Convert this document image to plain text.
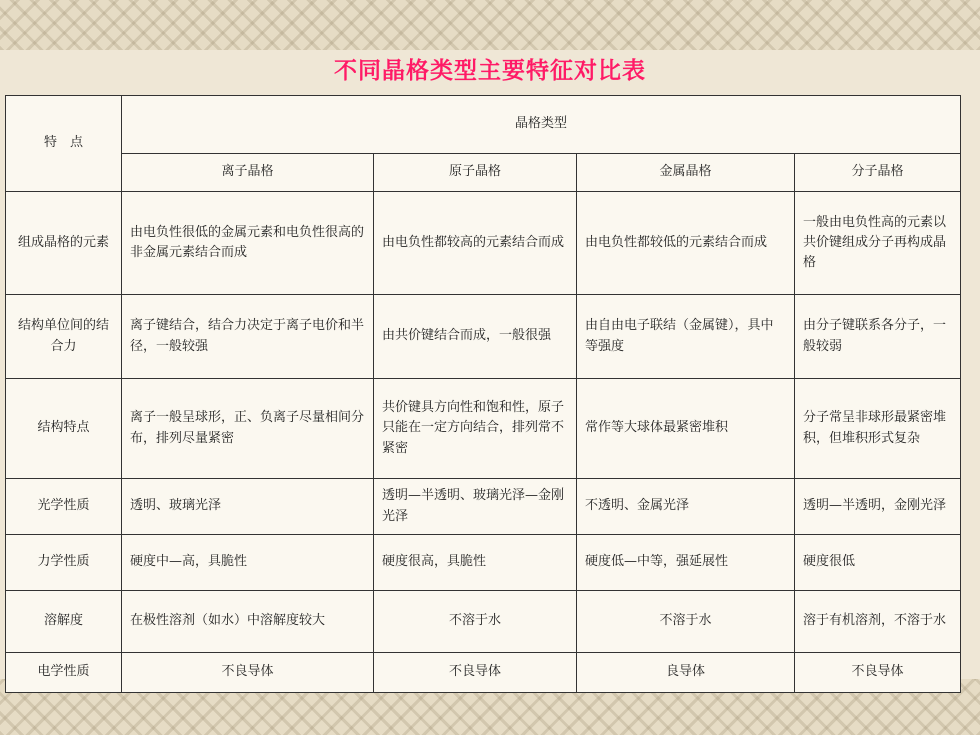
不同晶格类型主要特征对比表
特　点	晶格类型			
	离子晶格	原子晶格	金属晶格	分子晶格
组成晶格的元素	由电负性很低的金属元素和电负性很高的非金属元素结合而成	由电负性都较高的元素结合而成	由电负性都较低的元素结合而成	一般由电负性高的元素以共价键组成分子再构成晶格
结构单位间的结合力	离子键结合，结合力决定于离子电价和半径，一般较强	由共价键结合而成，一般很强	由自由电子联结（金属键），具中等强度	由分子键联系各分子，一般较弱
结构特点	离子一般呈球形，正、负离子尽量相间分布，排列尽量紧密	共价键具方向性和饱和性，原子只能在一定方向结合，排列常不紧密	常作等大球体最紧密堆积	分子常呈非球形最紧密堆积，但堆积形式复杂
光学性质	透明、玻璃光泽	透明—半透明、玻璃光泽—金刚光泽	不透明、金属光泽	透明—半透明，金刚光泽
力学性质	硬度中—高，具脆性	硬度很高，具脆性	硬度低—中等，强延展性	硬度很低
溶解度	在极性溶剂（如水）中溶解度较大	不溶于水	不溶于水	溶于有机溶剂，不溶于水
电学性质	不良导体	不良导体	良导体	不良导体
